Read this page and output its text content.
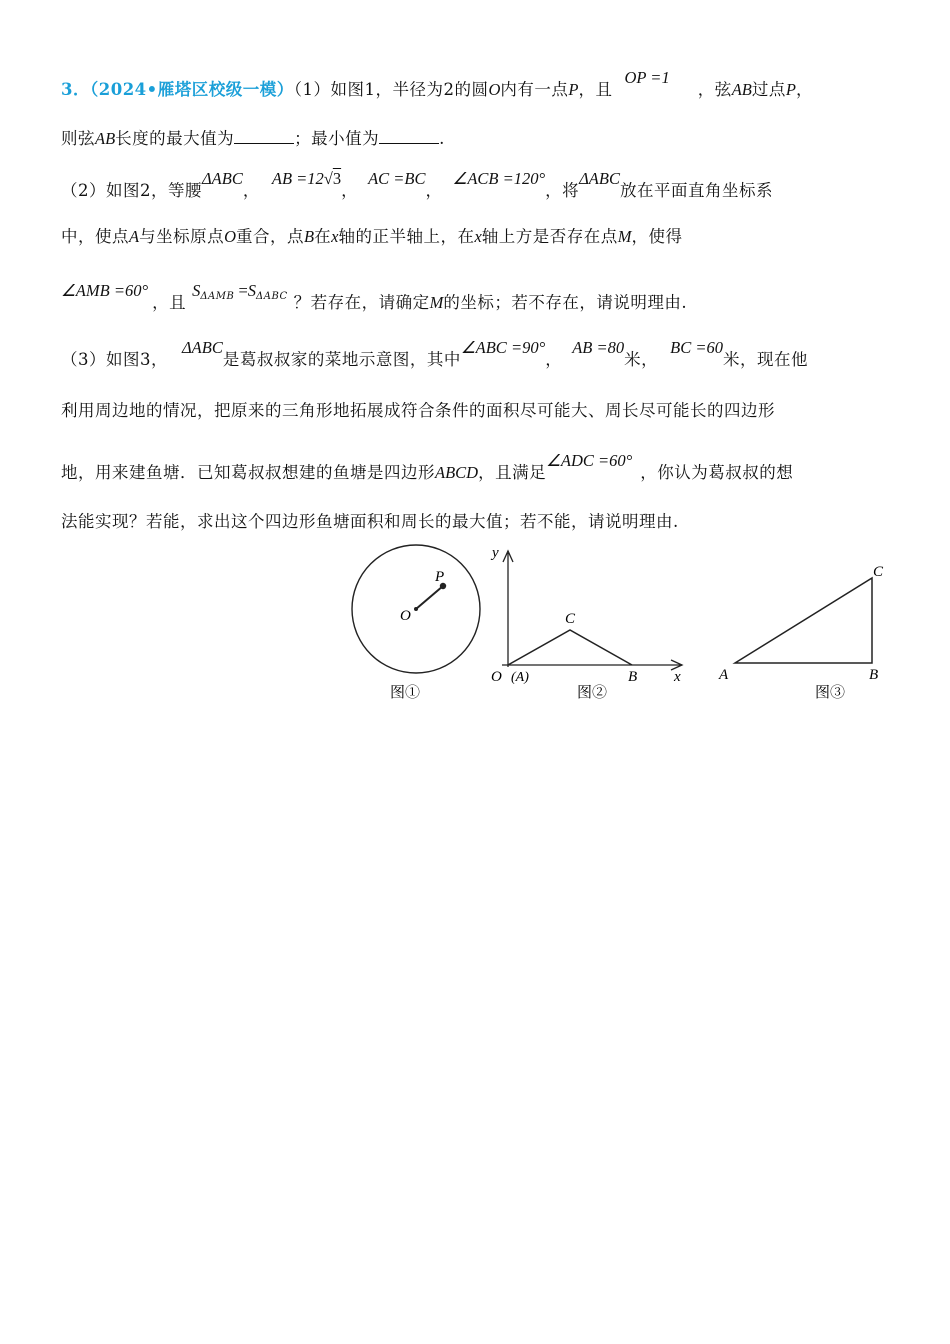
3．（2024•雁塔区校级一模）（1）如图1，半径为2的圆O内有一点P，且OP =1，弦AB过点P，
则弦AB长度的最大值为	；最小值为	.
（2）如图2，等腰ΔABC，AB =12√3，AC =BC，∠ACB =120°，将ΔABC放在平面直角坐标系
中，使点A与坐标原点O重合，点B在x轴的正半轴上，在x轴上方是否存在点M，使得
∠AMB =60°，且$S_{\Delta AMB} =S_{\Delta ABC}$ ？若存在，请确定M的坐标；若不存在，请说明理由.
（3）如图3，ΔABC是葛叔叔家的菜地示意图，其中∠ABC =90°，AB =80米，BC =60米，现在他
利用周边地的情况，把原来的三角形地拓展成符合条件的面积尽可能大、周长尽可能长的四边形
地，用来建鱼塘．已知葛叔叔想建的鱼塘是四边形ABCD，且满足∠ADC =60°，你认为葛叔叔的想
法能实现？若能，求出这个四边形鱼塘面积和周长的最大值；若不能，请说明理由.
P
O
图①
y
x
C
B
O (A)
图②
A	B
C
图③
